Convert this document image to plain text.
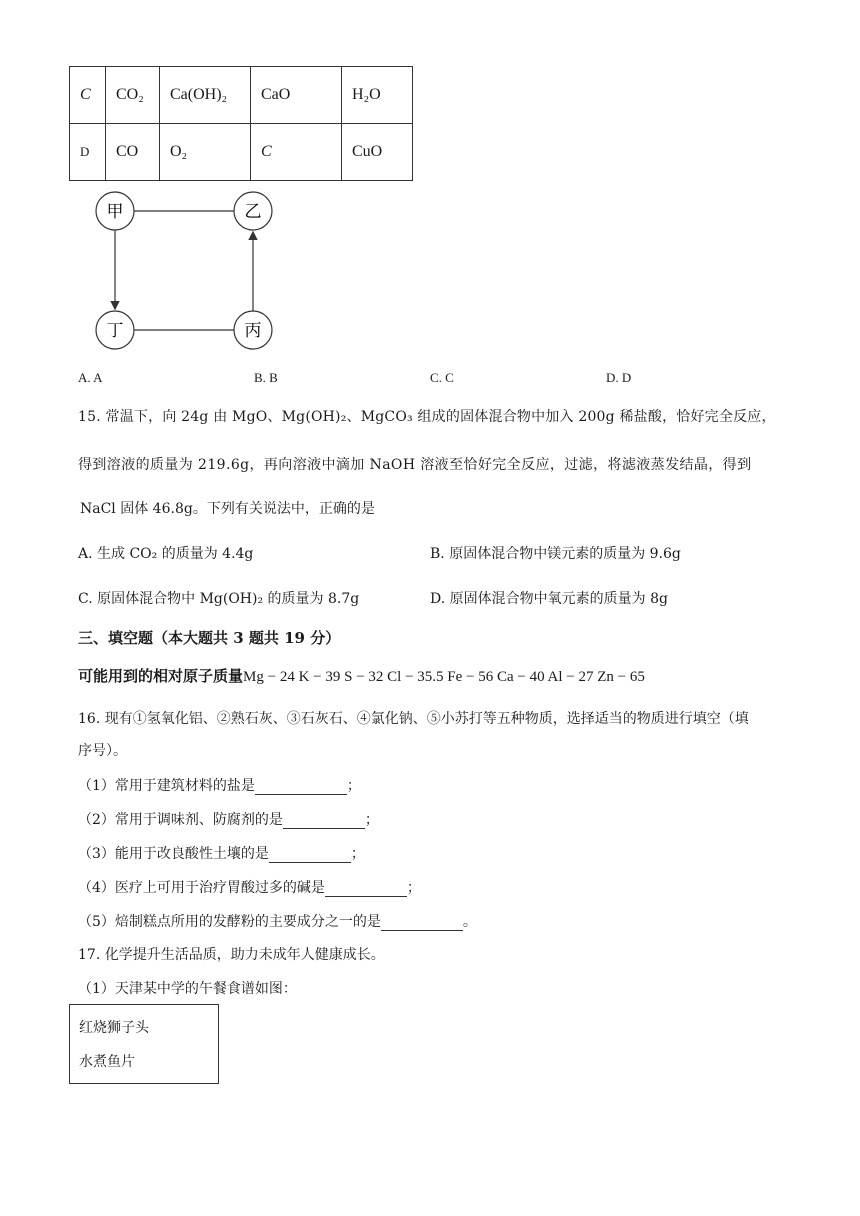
C	CO₂	Ca(OH)₂	CaO	H₂O
D	CO	O₂	C	CuO
甲	乙
丁	丙
A. A	B. B	C. C	D. D
15. 常温下，向 24g 由 MgO、Mg(OH)₂、MgCO₃ 组成的固体混合物中加入 200g 稀盐酸，恰好完全反应，
得到溶液的质量为 219.6g，再向溶液中滴加 NaOH 溶液至恰好完全反应，过滤，将滤液蒸发结晶，得到
NaCl 固体 46.8g。下列有关说法中，正确的是
A. 生成 CO₂ 的质量为 4.4g	B. 原固体混合物中镁元素的质量为 9.6g
C. 原固体混合物中 Mg(OH)₂ 的质量为 8.7g	D. 原固体混合物中氧元素的质量为 8g
三、填空题（本大题共 3 题共 19 分）
可能用到的相对原子质量Mg − 24 K − 39 S − 32 Cl − 35.5 Fe − 56 Ca − 40 Al − 27 Zn − 65
16. 现有①氢氧化铝、②熟石灰、③石灰石、④氯化钠、⑤小苏打等五种物质，选择适当的物质进行填空（填
序号）。
（1）常用于建筑材料的盐是	；
（2）常用于调味剂、防腐剂的是	；
（3）能用于改良酸性土壤的是	；
（4）医疗上可用于治疗胃酸过多的碱是	；
（5）焙制糕点所用的发酵粉的主要成分之一的是	。
17. 化学提升生活品质，助力未成年人健康成长。
（1）天津某中学的午餐食谱如图：
红烧狮子头
水煮鱼片
